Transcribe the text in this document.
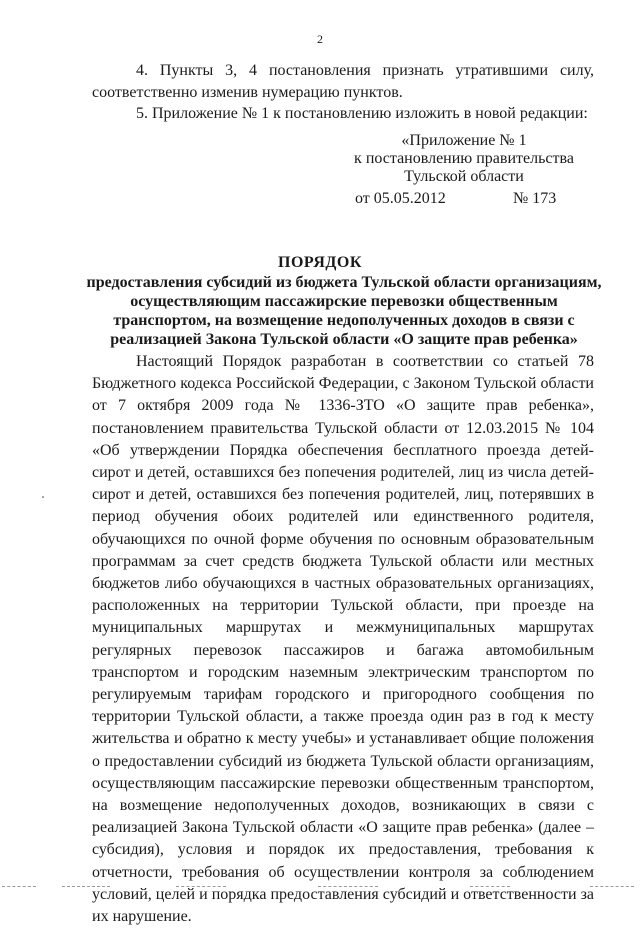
2

4. Пункты 3, 4 постановления признать утратившими силу, соответственно изменив нумерацию пунктов.

5. Приложение № 1 к постановлению изложить в новой редакции:

«Приложение № 1
к постановлению правительства
Тульской области
от 05.05.2012	№ 173
ПОРЯДОК
предоставления субсидий из бюджета Тульской области организациям, осуществляющим пассажирские перевозки общественным транспортом, на возмещение недополученных доходов в связи с реализацией Закона Тульской области «О защите прав ребенка»

Настоящий Порядок разработан в соответствии со статьей 78 Бюджетного кодекса Российской Федерации, с Законом Тульской области от 7 октября 2009 года № 1336-ЗТО «О защите прав ребенка», постановлением правительства Тульской области от 12.03.2015 № 104 «Об утверждении Порядка обеспечения бесплатного проезда детей-сирот и детей, оставшихся без попечения родителей, лиц из числа детей-сирот и детей, оставшихся без попечения родителей, лиц, потерявших в период обучения обоих родителей или единственного родителя, обучающихся по очной форме обучения по основным образовательным программам за счет средств бюджета Тульской области или местных бюджетов либо обучающихся в частных образовательных организациях, расположенных на территории Тульской области, при проезде на муниципальных маршрутах и межмуниципальных маршрутах регулярных перевозок пассажиров и багажа автомобильным транспортом и городским наземным электрическим транспортом по регулируемым тарифам городского и пригородного сообщения по территории Тульской области, а также проезда один раз в год к месту жительства и обратно к месту учебы» и устанавливает общие положения о предоставлении субсидий из бюджета Тульской области организациям, осуществляющим пассажирские перевозки общественным транспортом, на возмещение недополученных доходов, возникающих в связи с реализацией Закона Тульской области «О защите прав ребенка» (далее – субсидия), условия и порядок их предоставления, требования к отчетности, требования об осуществлении контроля за соблюдением условий, целей и порядка предоставления субсидий и ответственности за их нарушение.
